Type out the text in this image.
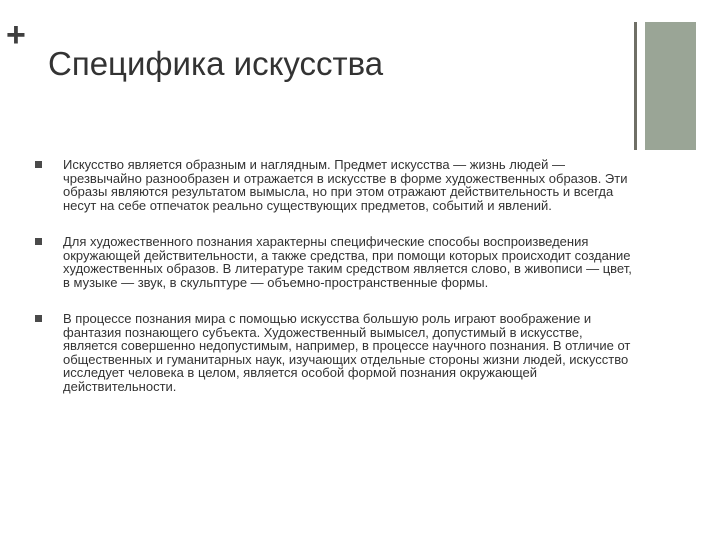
+
Специфика искусства
Искусство является образным и наглядным. Предмет искусства — жизнь людей — чрезвычайно разнообразен и отражается в искусстве в форме художественных образов. Эти образы являются результатом вымысла, но при этом отражают действительность и всегда несут на себе отпечаток реально существующих предметов, событий и явлений.
Для художественного познания характерны специфические способы воспроизведения окружающей действительности, а также средства, при помощи которых происходит создание художественных образов. В литературе таким средством является слово, в живописи — цвет, в музыке — звук, в скульптуре — объемно-пространственные формы.
В процессе познания мира с помощью искусства большую роль играют воображение и фантазия познающего субъекта. Художественный вымысел, допустимый в искусстве, является совершенно недопустимым, например, в процессе научного познания. В отличие от общественных и гуманитарных наук, изучающих отдельные стороны жизни людей, искусство исследует человека в целом, является особой формой познания окружающей действительности.
